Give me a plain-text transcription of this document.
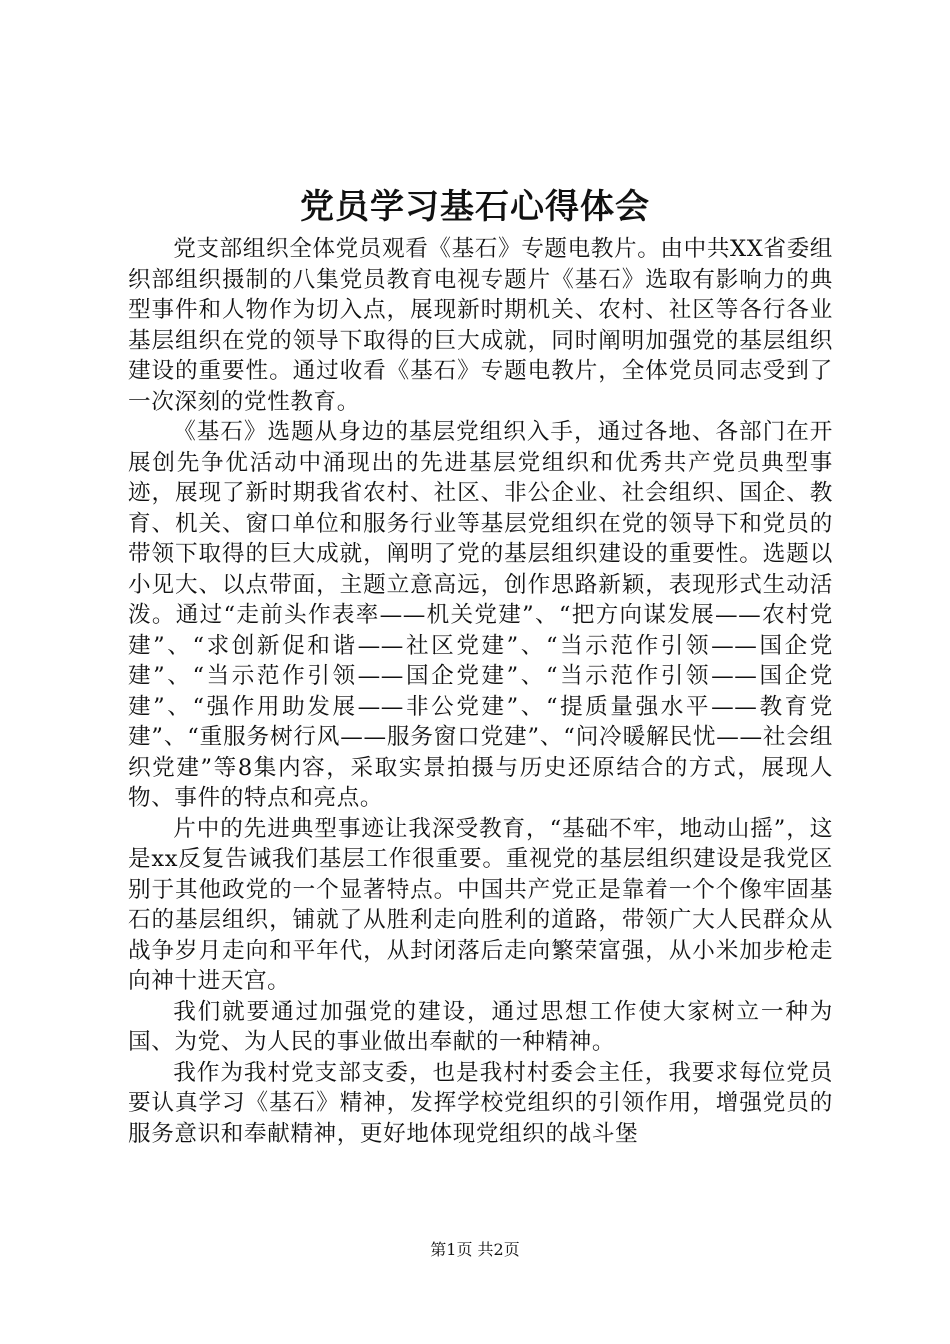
党员学习基石心得体会

党支部组织全体党员观看《基石》专题电教片。由中共XX省委组织部组织摄制的八集党员教育电视专题片《基石》选取有影响力的典型事件和人物作为切入点，展现新时期机关、农村、社区等各行各业基层组织在党的领导下取得的巨大成就，同时阐明加强党的基层组织建设的重要性。通过收看《基石》专题电教片，全体党员同志受到了一次深刻的党性教育。

《基石》选题从身边的基层党组织入手，通过各地、各部门在开展创先争优活动中涌现出的先进基层党组织和优秀共产党员典型事迹，展现了新时期我省农村、社区、非公企业、社会组织、国企、教育、机关、窗口单位和服务行业等基层党组织在党的领导下和党员的带领下取得的巨大成就，阐明了党的基层组织建设的重要性。选题以小见大、以点带面，主题立意高远，创作思路新颖，表现形式生动活泼。通过“走前头作表率——机关党建”、“把方向谋发展——农村党建”、“求创新促和谐——社区党建”、“当示范作引领——国企党建”、“当示范作引领——国企党建”、“当示范作引领——国企党建”、“强作用助发展——非公党建”、“提质量强水平——教育党建”、“重服务树行风——服务窗口党建”、“问冷暖解民忧——社会组织党建”等8集内容，采取实景拍摄与历史还原结合的方式，展现人物、事件的特点和亮点。

片中的先进典型事迹让我深受教育，“基础不牢，地动山摇”，这是xx反复告诫我们基层工作很重要。重视党的基层组织建设是我党区别于其他政党的一个显著特点。中国共产党正是靠着一个个像牢固基石的基层组织，铺就了从胜利走向胜利的道路，带领广大人民群众从战争岁月走向和平年代，从封闭落后走向繁荣富强，从小米加步枪走向神十进天宫。

我们就要通过加强党的建设，通过思想工作使大家树立一种为国、为党、为人民的事业做出奉献的一种精神。

我作为我村党支部支委，也是我村村委会主任，我要求每位党员要认真学习《基石》精神，发挥学校党组织的引领作用，增强党员的服务意识和奉献精神，更好地体现党组织的战斗堡

第1页 共2页
